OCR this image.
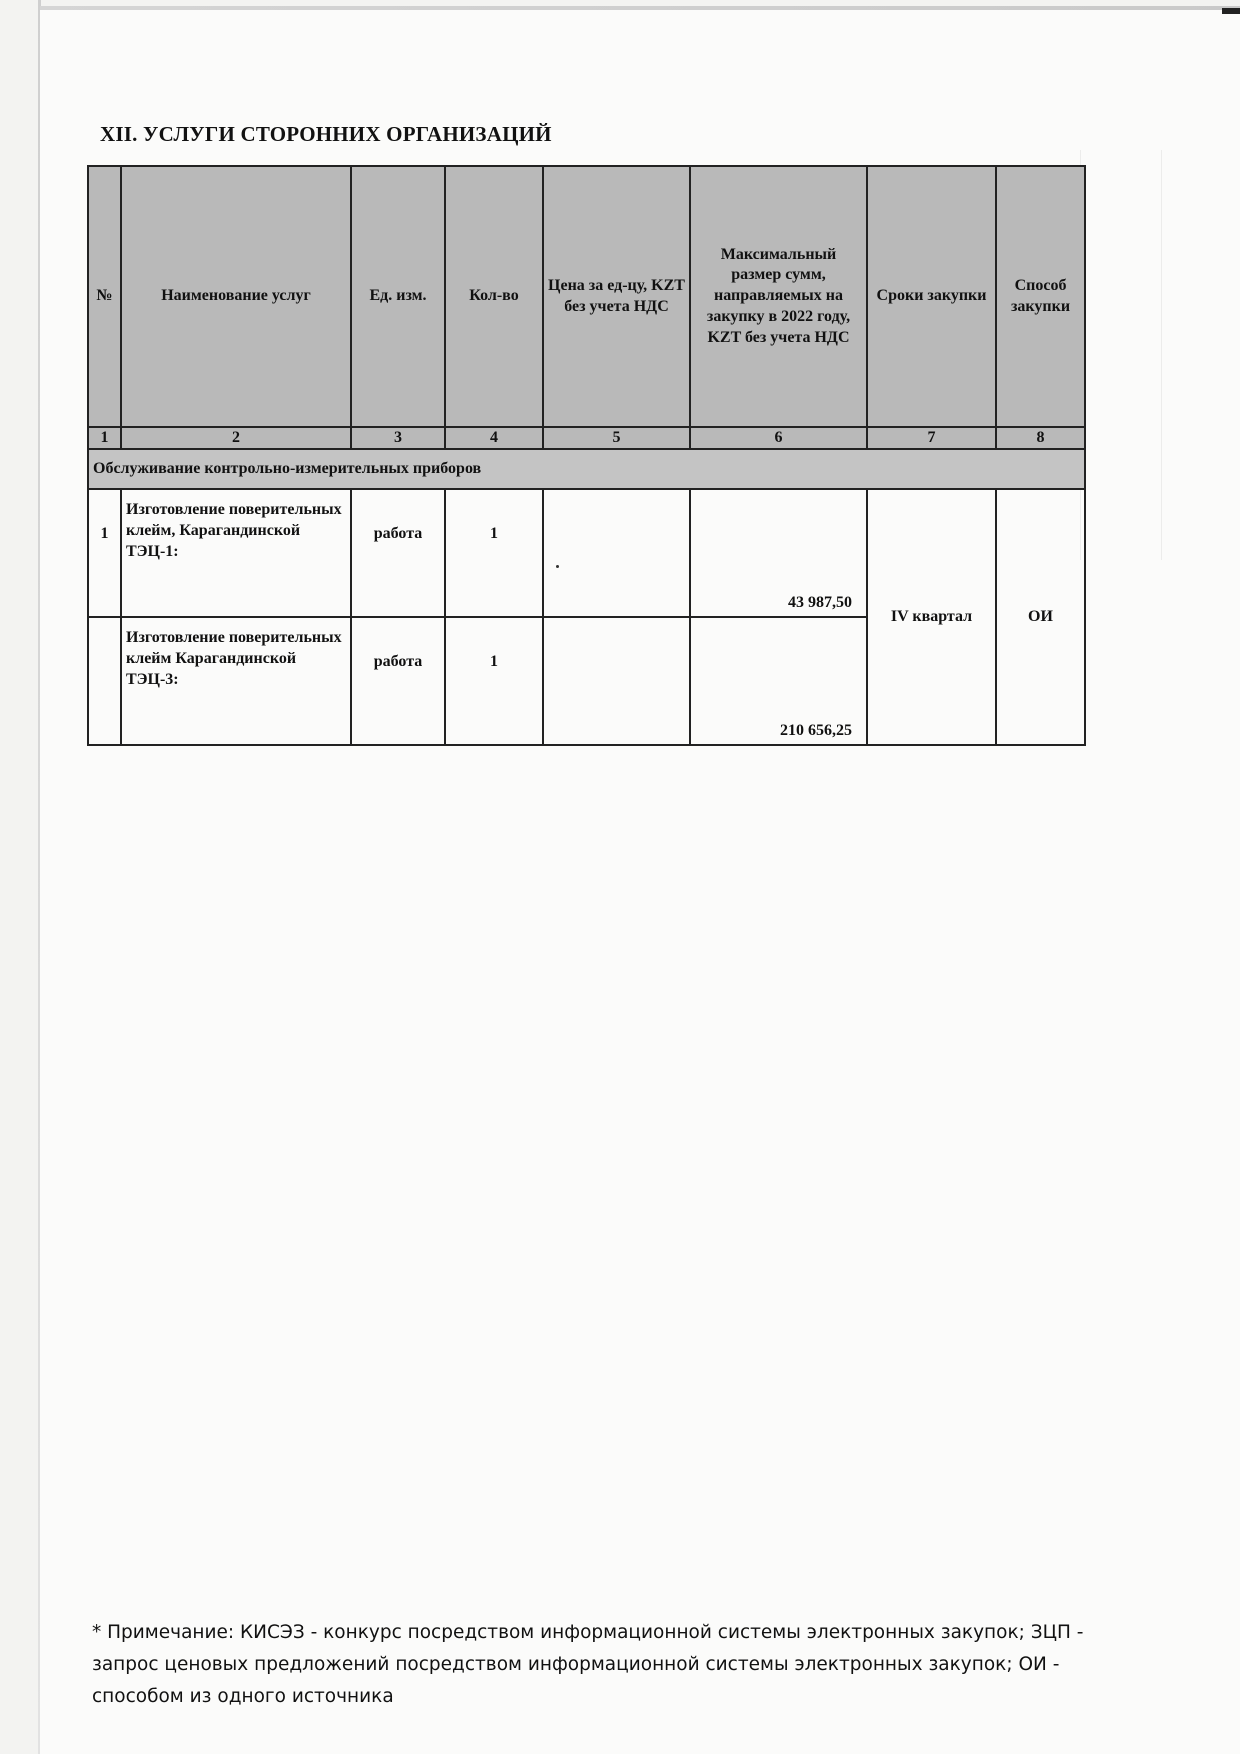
XII. УСЛУГИ СТОРОННИХ ОРГАНИЗАЦИЙ
№	Наименование услуг	Ед. изм.	Кол-во	Цена за ед-цу, KZT без учета НДС	Максимальный размер сумм, направляемых на закупку в 2022 году, KZT без учета НДС	Сроки закупки	Способ закупки
1	2	3	4	5	6	7	8
Обслуживание контрольно-измерительных приборов							
1	Изготовление поверительных клейм, Карагандинской ТЭЦ-1:	работа	1		43 987,50	IV квартал	ОИ
	Изготовление поверительных клейм Карагандинской ТЭЦ-3:	работа	1		210 656,25		
* Примечание: КИСЭЗ - конкурс посредством информационной системы электронных закупок; ЗЦП - запрос ценовых предложений посредством информационной системы электронных закупок; ОИ - способом из одного источника
